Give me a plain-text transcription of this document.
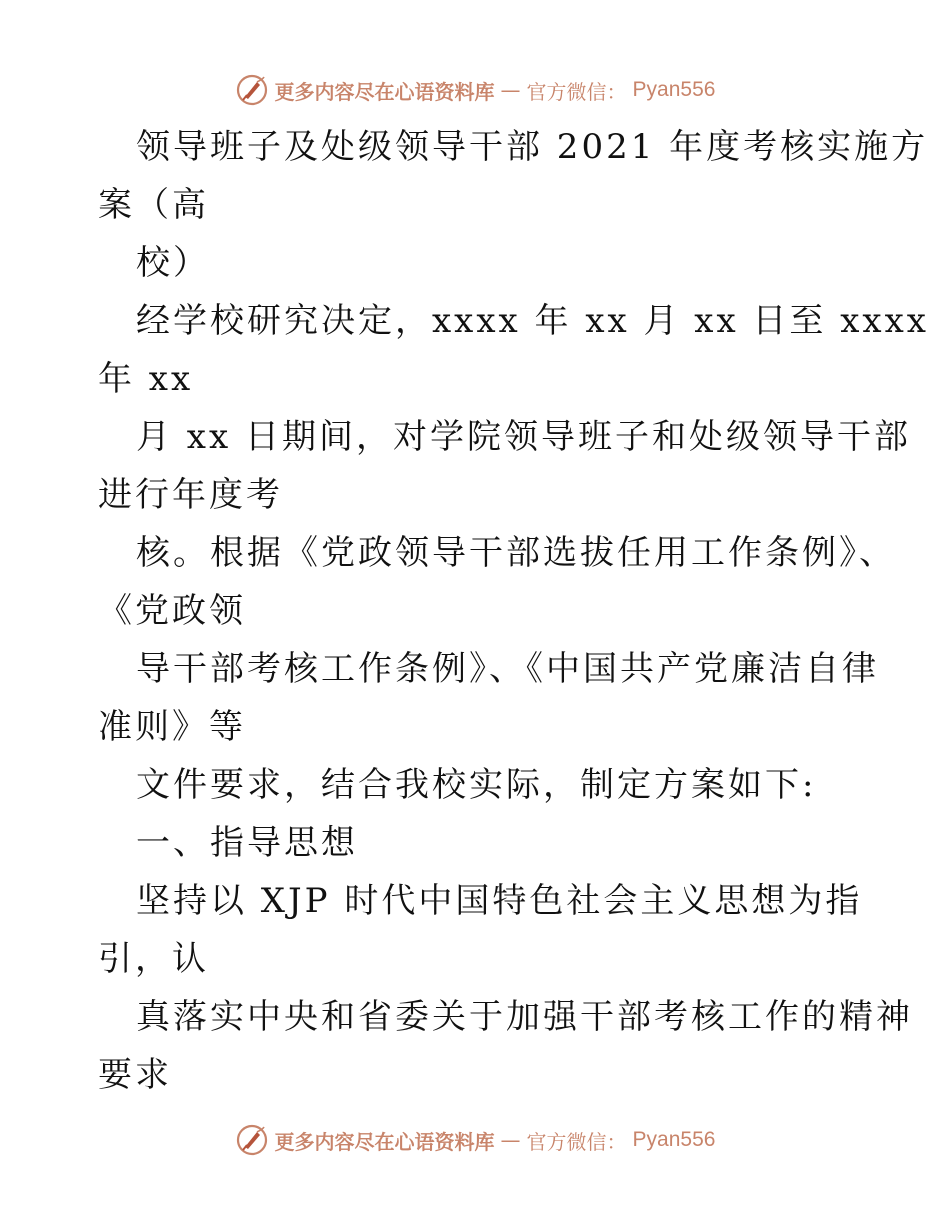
更多内容尽在心语资料库 — 官方微信： Pyan556
领导班子及处级领导干部 2021 年度考核实施方
案（高
校）
经学校研究决定，xxxx 年 xx 月 xx 日至 xxxx
年 xx
月 xx 日期间，对学院领导班子和处级领导干部
进行年度考
核。根据《党政领导干部选拔任用工作条例》、
《党政领
导干部考核工作条例》、《中国共产党廉洁自律
准则》等
文件要求，结合我校实际，制定方案如下:
一、指导思想
坚持以 XJP 时代中国特色社会主义思想为指
引，认
真落实中央和省委关于加强干部考核工作的精神
要求
更多内容尽在心语资料库 — 官方微信： Pyan556
